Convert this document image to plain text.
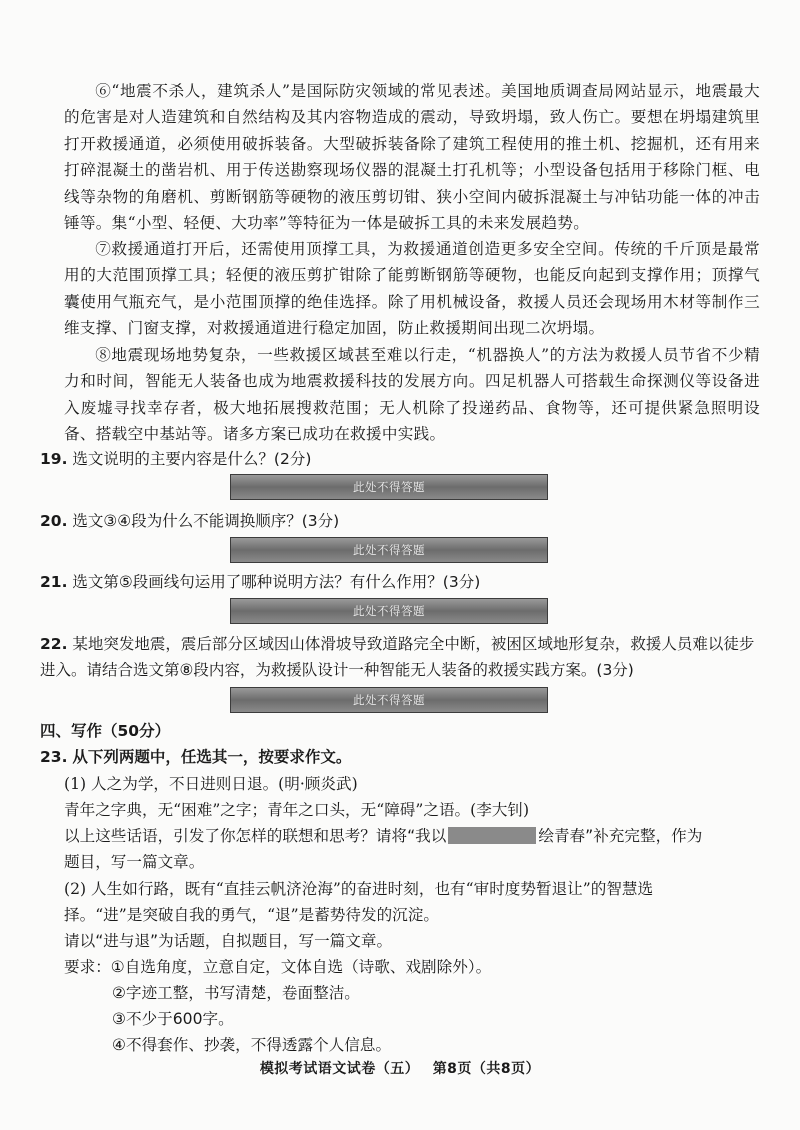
⑥“地震不杀人，建筑杀人”是国际防灾领域的常见表述。美国地质调查局网站显示，地震最大的危害是对人造建筑和自然结构及其内容物造成的震动，导致坍塌，致人伤亡。要想在坍塌建筑里打开救援通道，必须使用破拆装备。大型破拆装备除了建筑工程使用的推土机、挖掘机，还有用来打碎混凝土的凿岩机、用于传送勘察现场仪器的混凝土打孔机等；小型设备包括用于移除门框、电线等杂物的角磨机、剪断钢筋等硬物的液压剪切钳、狭小空间内破拆混凝土与冲钻功能一体的冲击锤等。集“小型、轻便、大功率”等特征为一体是破拆工具的未来发展趋势。

⑦救援通道打开后，还需使用顶撑工具，为救援通道创造更多安全空间。传统的千斤顶是最常用的大范围顶撑工具；轻便的液压剪扩钳除了能剪断钢筋等硬物，也能反向起到支撑作用；顶撑气囊使用气瓶充气，是小范围顶撑的绝佳选择。除了用机械设备，救援人员还会现场用木材等制作三维支撑、门窗支撑，对救援通道进行稳定加固，防止救援期间出现二次坍塌。

⑧地震现场地势复杂，一些救援区域甚至难以行走，“机器换人”的方法为救援人员节省不少精力和时间，智能无人装备也成为地震救援科技的发展方向。四足机器人可搭载生命探测仪等设备进入废墟寻找幸存者，极大地拓展搜救范围；无人机除了投递药品、食物等，还可提供紧急照明设备、搭载空中基站等。诸多方案已成功在救援中实践。

19. 选文说明的主要内容是什么？(2分)

此处不得答题

20. 选文③④段为什么不能调换顺序？(3分)

此处不得答题

21. 选文第⑤段画线句运用了哪种说明方法？有什么作用？(3分)

此处不得答题

22. 某地突发地震，震后部分区域因山体滑坡导致道路完全中断，被困区域地形复杂，救援人员难以徒步进入。请结合选文第⑧段内容，为救援队设计一种智能无人装备的救援实践方案。(3分)

此处不得答题

四、写作（50分）

23. 从下列两题中，任选其一，按要求作文。

(1) 人之为学，不日进则日退。(明·顾炎武)

青年之字典，无“困难”之字；青年之口头，无“障碍”之语。(李大钊)

以上这些话语，引发了你怎样的联想和思考？请将“我以	绘青春”补充完整，作为

题目，写一篇文章。

(2) 人生如行路，既有“直挂云帆济沧海”的奋进时刻，也有“审时度势暂退让”的智慧选

择。“进”是突破自我的勇气，“退”是蓄势待发的沉淀。

请以“进与退”为话题，自拟题目，写一篇文章。

要求：①自选角度，立意自定，文体自选（诗歌、戏剧除外）。

②字迹工整，书写清楚，卷面整洁。

③不少于600字。

④不得套作、抄袭，不得透露个人信息。

模拟考试语文试卷（五） 第8页（共8页）
